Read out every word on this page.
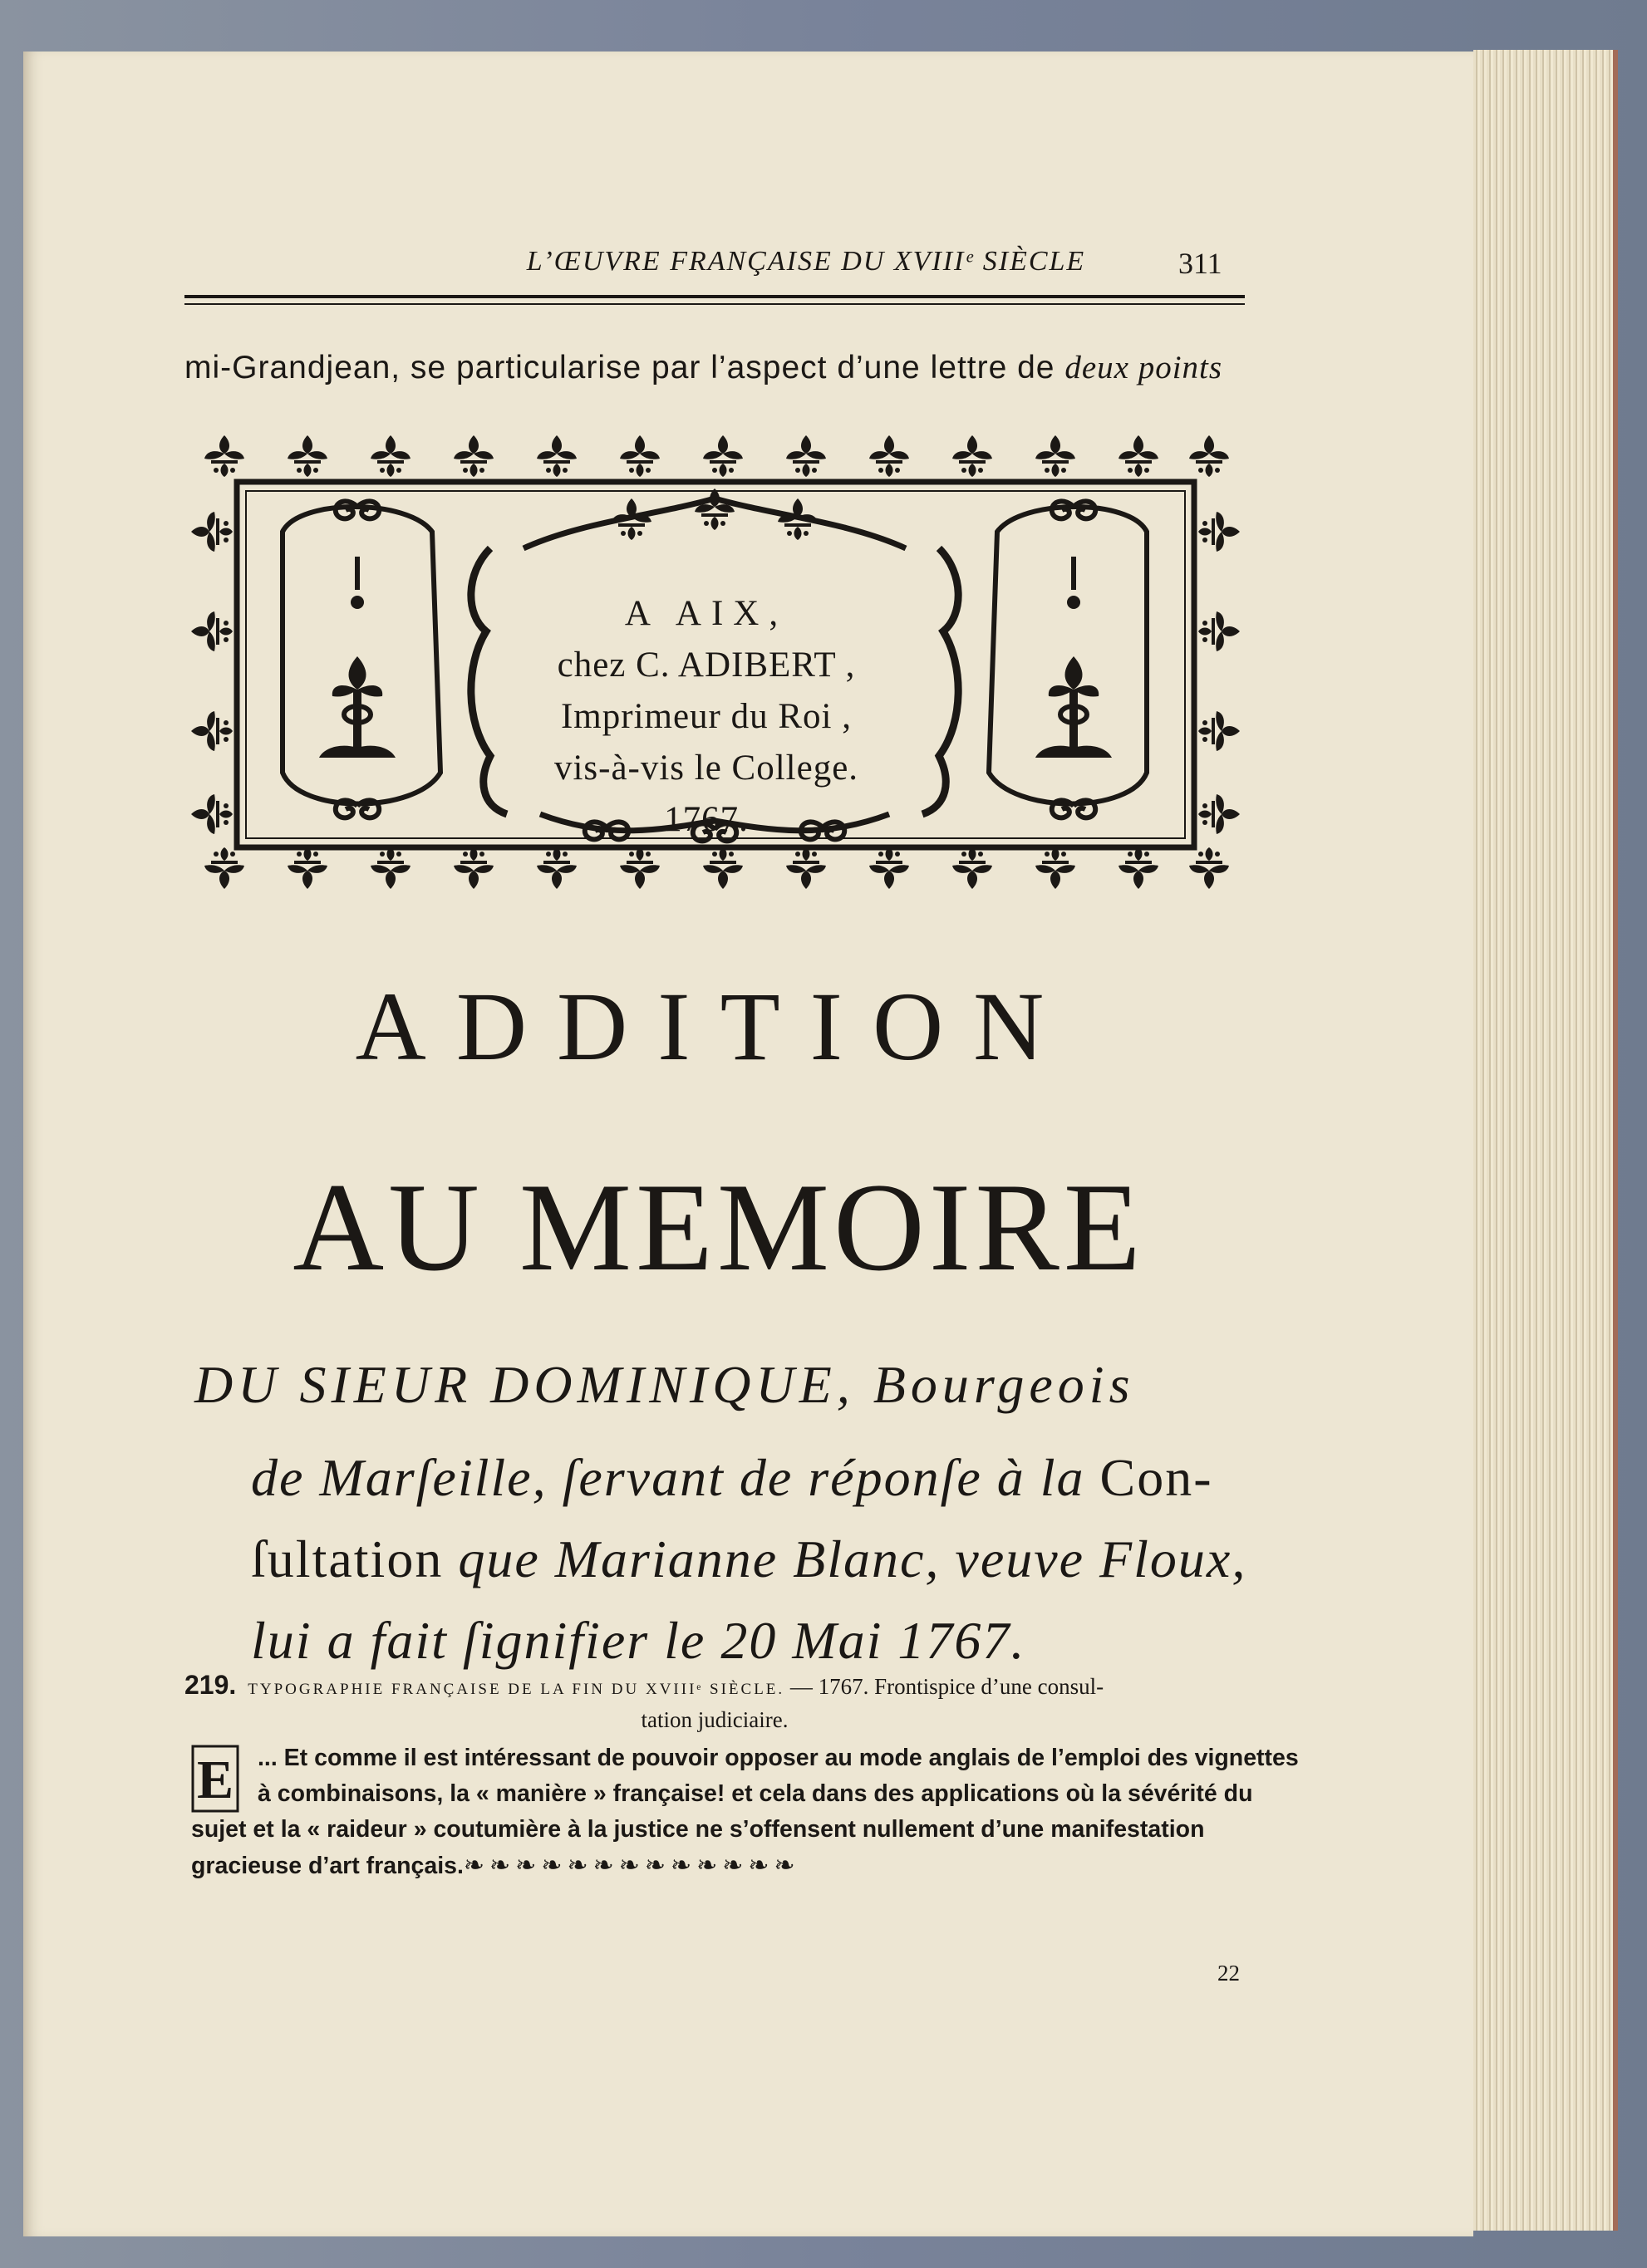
L’ŒUVRE FRANÇAISE DU XVIIIᵉ SIÈCLE	311
mi-Grandjean, se particularise par l’aspect d’une lettre de deux points
A AIX,
chez C. ADIBERT ,
Imprimeur du Roi ,
vis-à-vis le College.
1767.
ADDITION
AU MEMOIRE
DU SIEUR DOMINIQUE, Bourgeois
de Marſeille, ſervant de réponſe à la Con-
ſultation que Marianne Blanc, veuve Floux,
lui a fait ſignifier le 20 Mai 1767.
219. TYPOGRAPHIE FRANÇAISE DE LA FIN DU XVIIIᵉ SIÈCLE. — 1767. Frontispice d’une consul-
tation judiciaire.
E	... Et comme il est intéressant de pouvoir opposer au mode anglais de l’emploi des vignettes
à combinaisons, la « manière » française! et cela dans des applications où la sévérité du
sujet et la « raideur » coutumière à la justice ne s’offensent nullement d’une manifestation
gracieuse d’art français.❧❧❧❧❧❧❧❧❧❧❧❧❧
22
